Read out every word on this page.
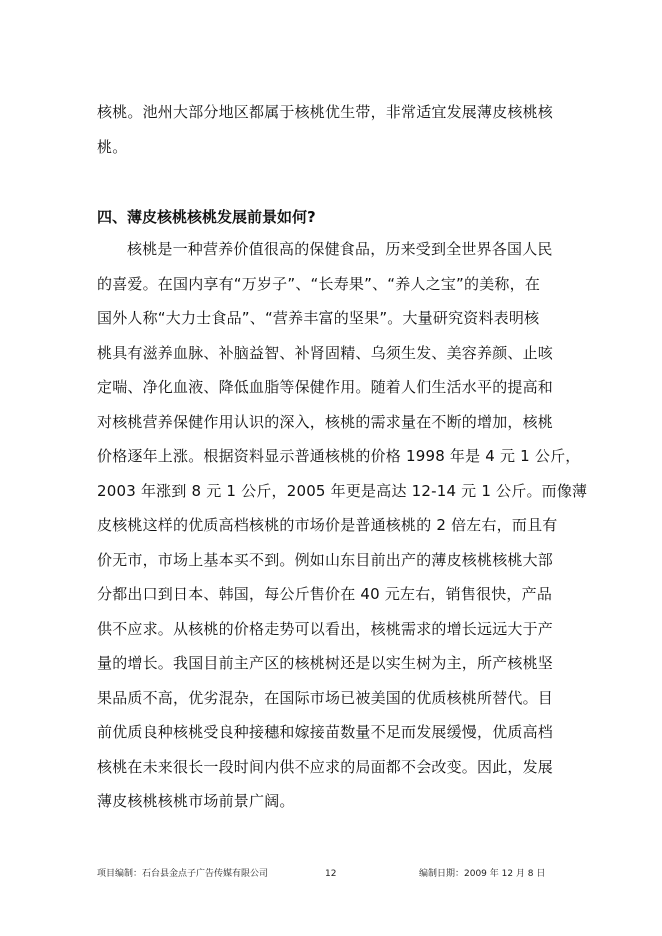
核桃。池州大部分地区都属于核桃优生带，非常适宜发展薄皮核桃核
桃。
四、薄皮核桃核桃发展前景如何?
核桃是一种营养价值很高的保健食品，历来受到全世界各国人民
的喜爱。在国内享有“万岁子”、“长寿果”、“养人之宝”的美称，在
国外人称“大力士食品”、“营养丰富的坚果”。大量研究资料表明核
桃具有滋养血脉、补脑益智、补肾固精、乌须生发、美容养颜、止咳
定喘、净化血液、降低血脂等保健作用。随着人们生活水平的提高和
对核桃营养保健作用认识的深入，核桃的需求量在不断的增加，核桃
价格逐年上涨。根据资料显示普通核桃的价格 1998 年是 4 元 1 公斤，
2003 年涨到 8 元 1 公斤，2005 年更是高达 12-14 元 1 公斤。而像薄
皮核桃这样的优质高档核桃的市场价是普通核桃的 2 倍左右，而且有
价无市，市场上基本买不到。例如山东目前出产的薄皮核桃核桃大部
分都出口到日本、韩国，每公斤售价在 40 元左右，销售很快，产品
供不应求。从核桃的价格走势可以看出，核桃需求的增长远远大于产
量的增长。我国目前主产区的核桃树还是以实生树为主，所产核桃坚
果品质不高，优劣混杂，在国际市场已被美国的优质核桃所替代。目
前优质良种核桃受良种接穗和嫁接苗数量不足而发展缓慢，优质高档
核桃在未来很长一段时间内供不应求的局面都不会改变。因此，发展
薄皮核桃核桃市场前景广阔。
项目编制：石台县金点子广告传媒有限公司	12	编制日期：2009 年 12 月 8 日
